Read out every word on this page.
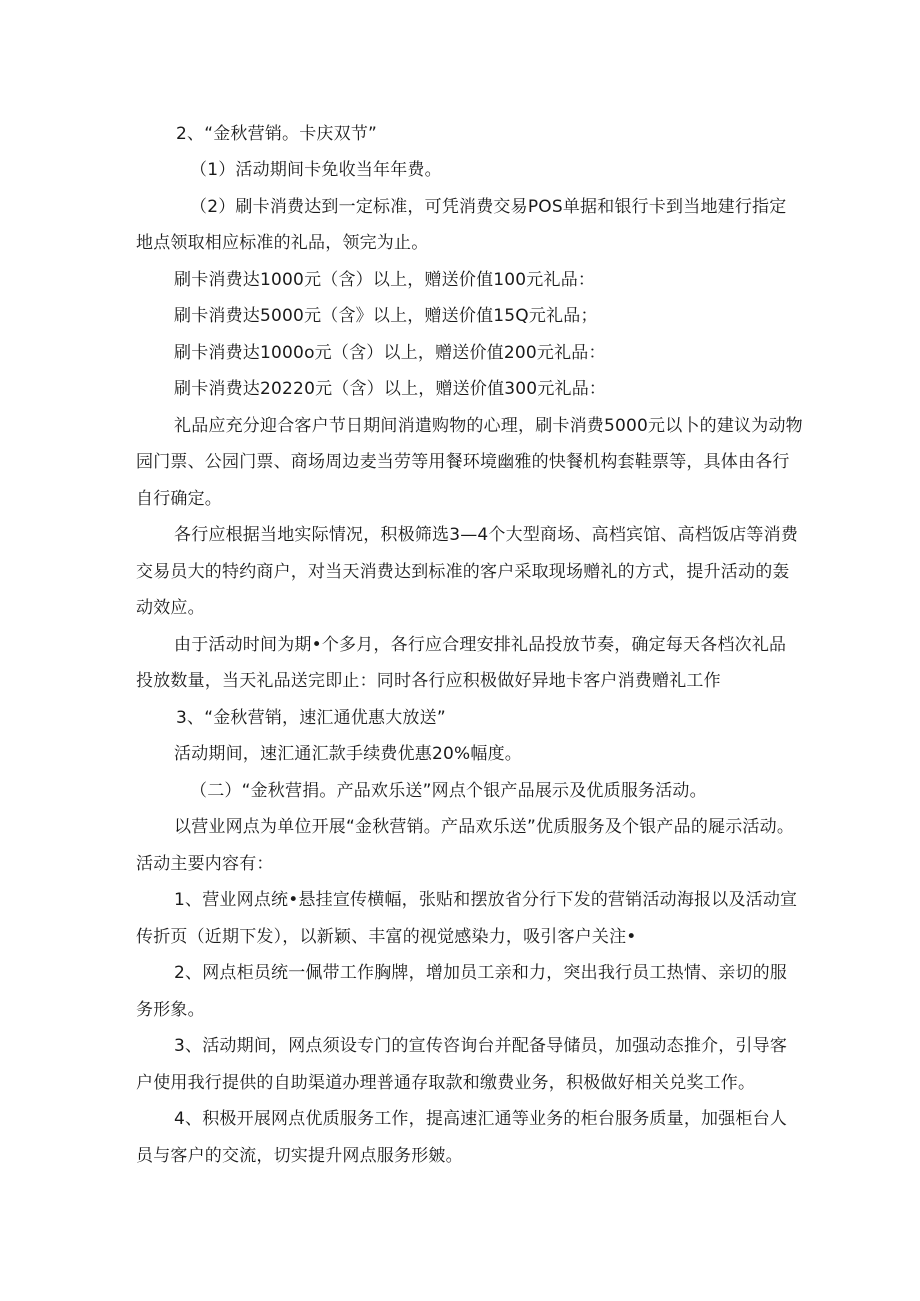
2、“金秋营销。卡庆双节”
（1）活动期间卡免收当年年费。
（2）刷卡消费达到一定标准，可凭消费交易POS单据和银行卡到当地建行指定
地点领取相应标准的礼品，领完为止。
刷卡消费达1000元（含）以上，赠送价值100元礼品：
刷卡消费达5000元（含》以上，赠送价值15Q元礼品；
刷卡消费达1000o元（含）以上，赠送价值200元礼品：
刷卡消费达20220元（含）以上，赠送价值300元礼品：
礼品应充分迎合客户节日期间消遣购物的心理，刷卡消费5000元以卜的建议为动物
园门票、公园门票、商场周边麦当劳等用餐环境幽雅的快餐机构套鞋票等，具体由各行
自行确定。
各行应根据当地实际情况，积极筛选3—4个大型商场、高档宾馆、高档饭店等消费
交易员大的特约商户，对当天消费达到标准的客户采取现场赠礼的方式，提升活动的轰
动效应。
由于活动时间为期•个多月，各行应合理安排礼品投放节奏，确定每天各档次礼品
投放数量，当天礼品送完即止：同时各行应积极做好异地卡客户消费赠礼工作
3、“金秋营销，速汇通优惠大放送”
活动期间，速汇通汇款手续费优惠20%幅度。
（二）“金秋营捐。产品欢乐送”网点个银产品展示及优质服务活动。
以营业网点为单位开展“金秋营销。产品欢乐送”优质服务及个银产品的屣示活动。
活动主要内容有：
1、营业网点统•悬挂宣传横幅，张贴和摆放省分行下发的营销活动海报以及活动宣
传折页（近期下发），以新颖、丰富的视觉感染力，吸引客户关注•
2、网点柜员统一佩带工作胸牌，增加员工亲和力，突出我行员工热情、亲切的服
务形象。
3、活动期间，网点须设专门的宣传咨询台并配备导储员，加强动态推介，引导客
户使用我行提供的自助渠道办理普通存取款和缴费业务，积极做好相关兑奖工作。
4、积极开展网点优质服务工作，提高速汇通等业务的柜台服务质量，加强柜台人
员与客户的交流，切实提升网点服务形皴。
